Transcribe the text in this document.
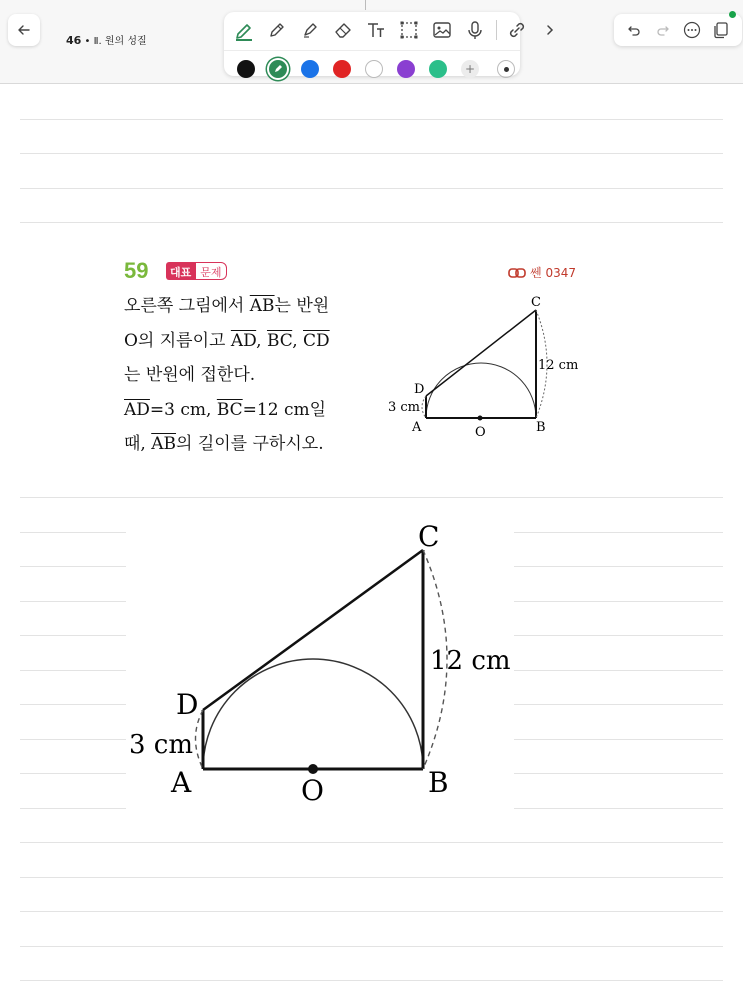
46 • Ⅱ. 원의 성질
+
59	대표 문제	쎈 0347
오른쪽 그림에서 $\overline{AB}$는 반원
O의 지름이고 $\overline{AD}$, $\overline{BC}$, $\overline{CD}$
는 반원에 접한다.
$\overline{AD}=3$ cm, $\overline{BC}=12$ cm일
때, $\overline{AB}$의 길이를 구하시오.
D
A	O	B
C
3 cm
12 cm
D
A	O	B
C
3 cm
12 cm
